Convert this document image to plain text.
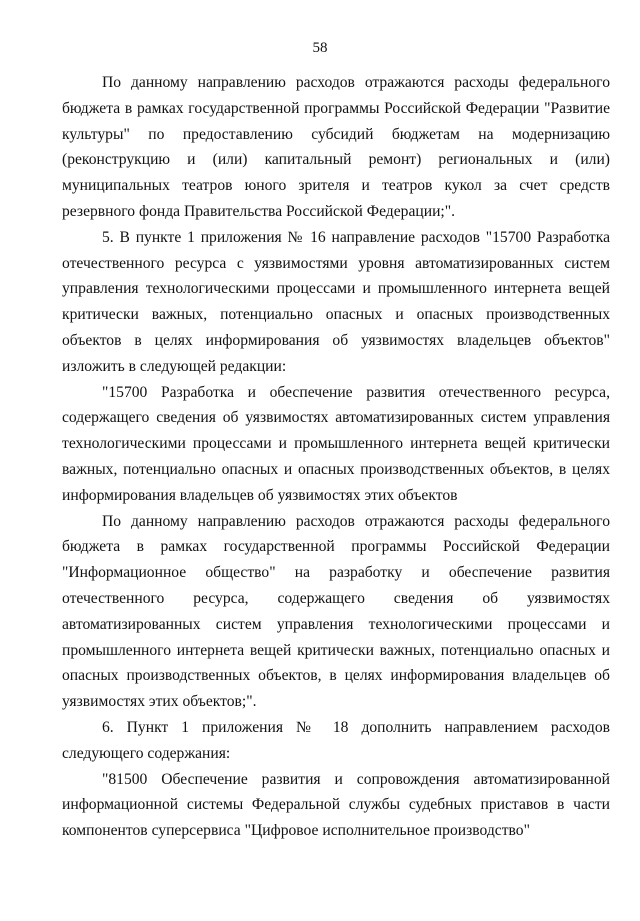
58

По данному направлению расходов отражаются расходы федерального бюджета в рамках государственной программы Российской Федерации "Развитие культуры" по предоставлению субсидий бюджетам на модернизацию (реконструкцию и (или) капитальный ремонт) региональных и (или) муниципальных театров юного зрителя и театров кукол за счет средств резервного фонда Правительства Российской Федерации;".

5. В пункте 1 приложения № 16 направление расходов "15700 Разработка отечественного ресурса с уязвимостями уровня автоматизированных систем управления технологическими процессами и промышленного интернета вещей критически важных, потенциально опасных и опасных производственных объектов в целях информирования об уязвимостях владельцев объектов" изложить в следующей редакции:

"15700 Разработка и обеспечение развития отечественного ресурса, содержащего сведения об уязвимостях автоматизированных систем управления технологическими процессами и промышленного интернета вещей критически важных, потенциально опасных и опасных производственных объектов, в целях информирования владельцев об уязвимостях этих объектов

По данному направлению расходов отражаются расходы федерального бюджета в рамках государственной программы Российской Федерации "Информационное общество" на разработку и обеспечение развития отечественного ресурса, содержащего сведения об уязвимостях автоматизированных систем управления технологическими процессами и промышленного интернета вещей критически важных, потенциально опасных и опасных производственных объектов, в целях информирования владельцев об уязвимостях этих объектов;".

6. Пункт 1 приложения № 18 дополнить направлением расходов следующего содержания:

"81500 Обеспечение развития и сопровождения автоматизированной информационной системы Федеральной службы судебных приставов в части компонентов суперсервиса "Цифровое исполнительное производство"
